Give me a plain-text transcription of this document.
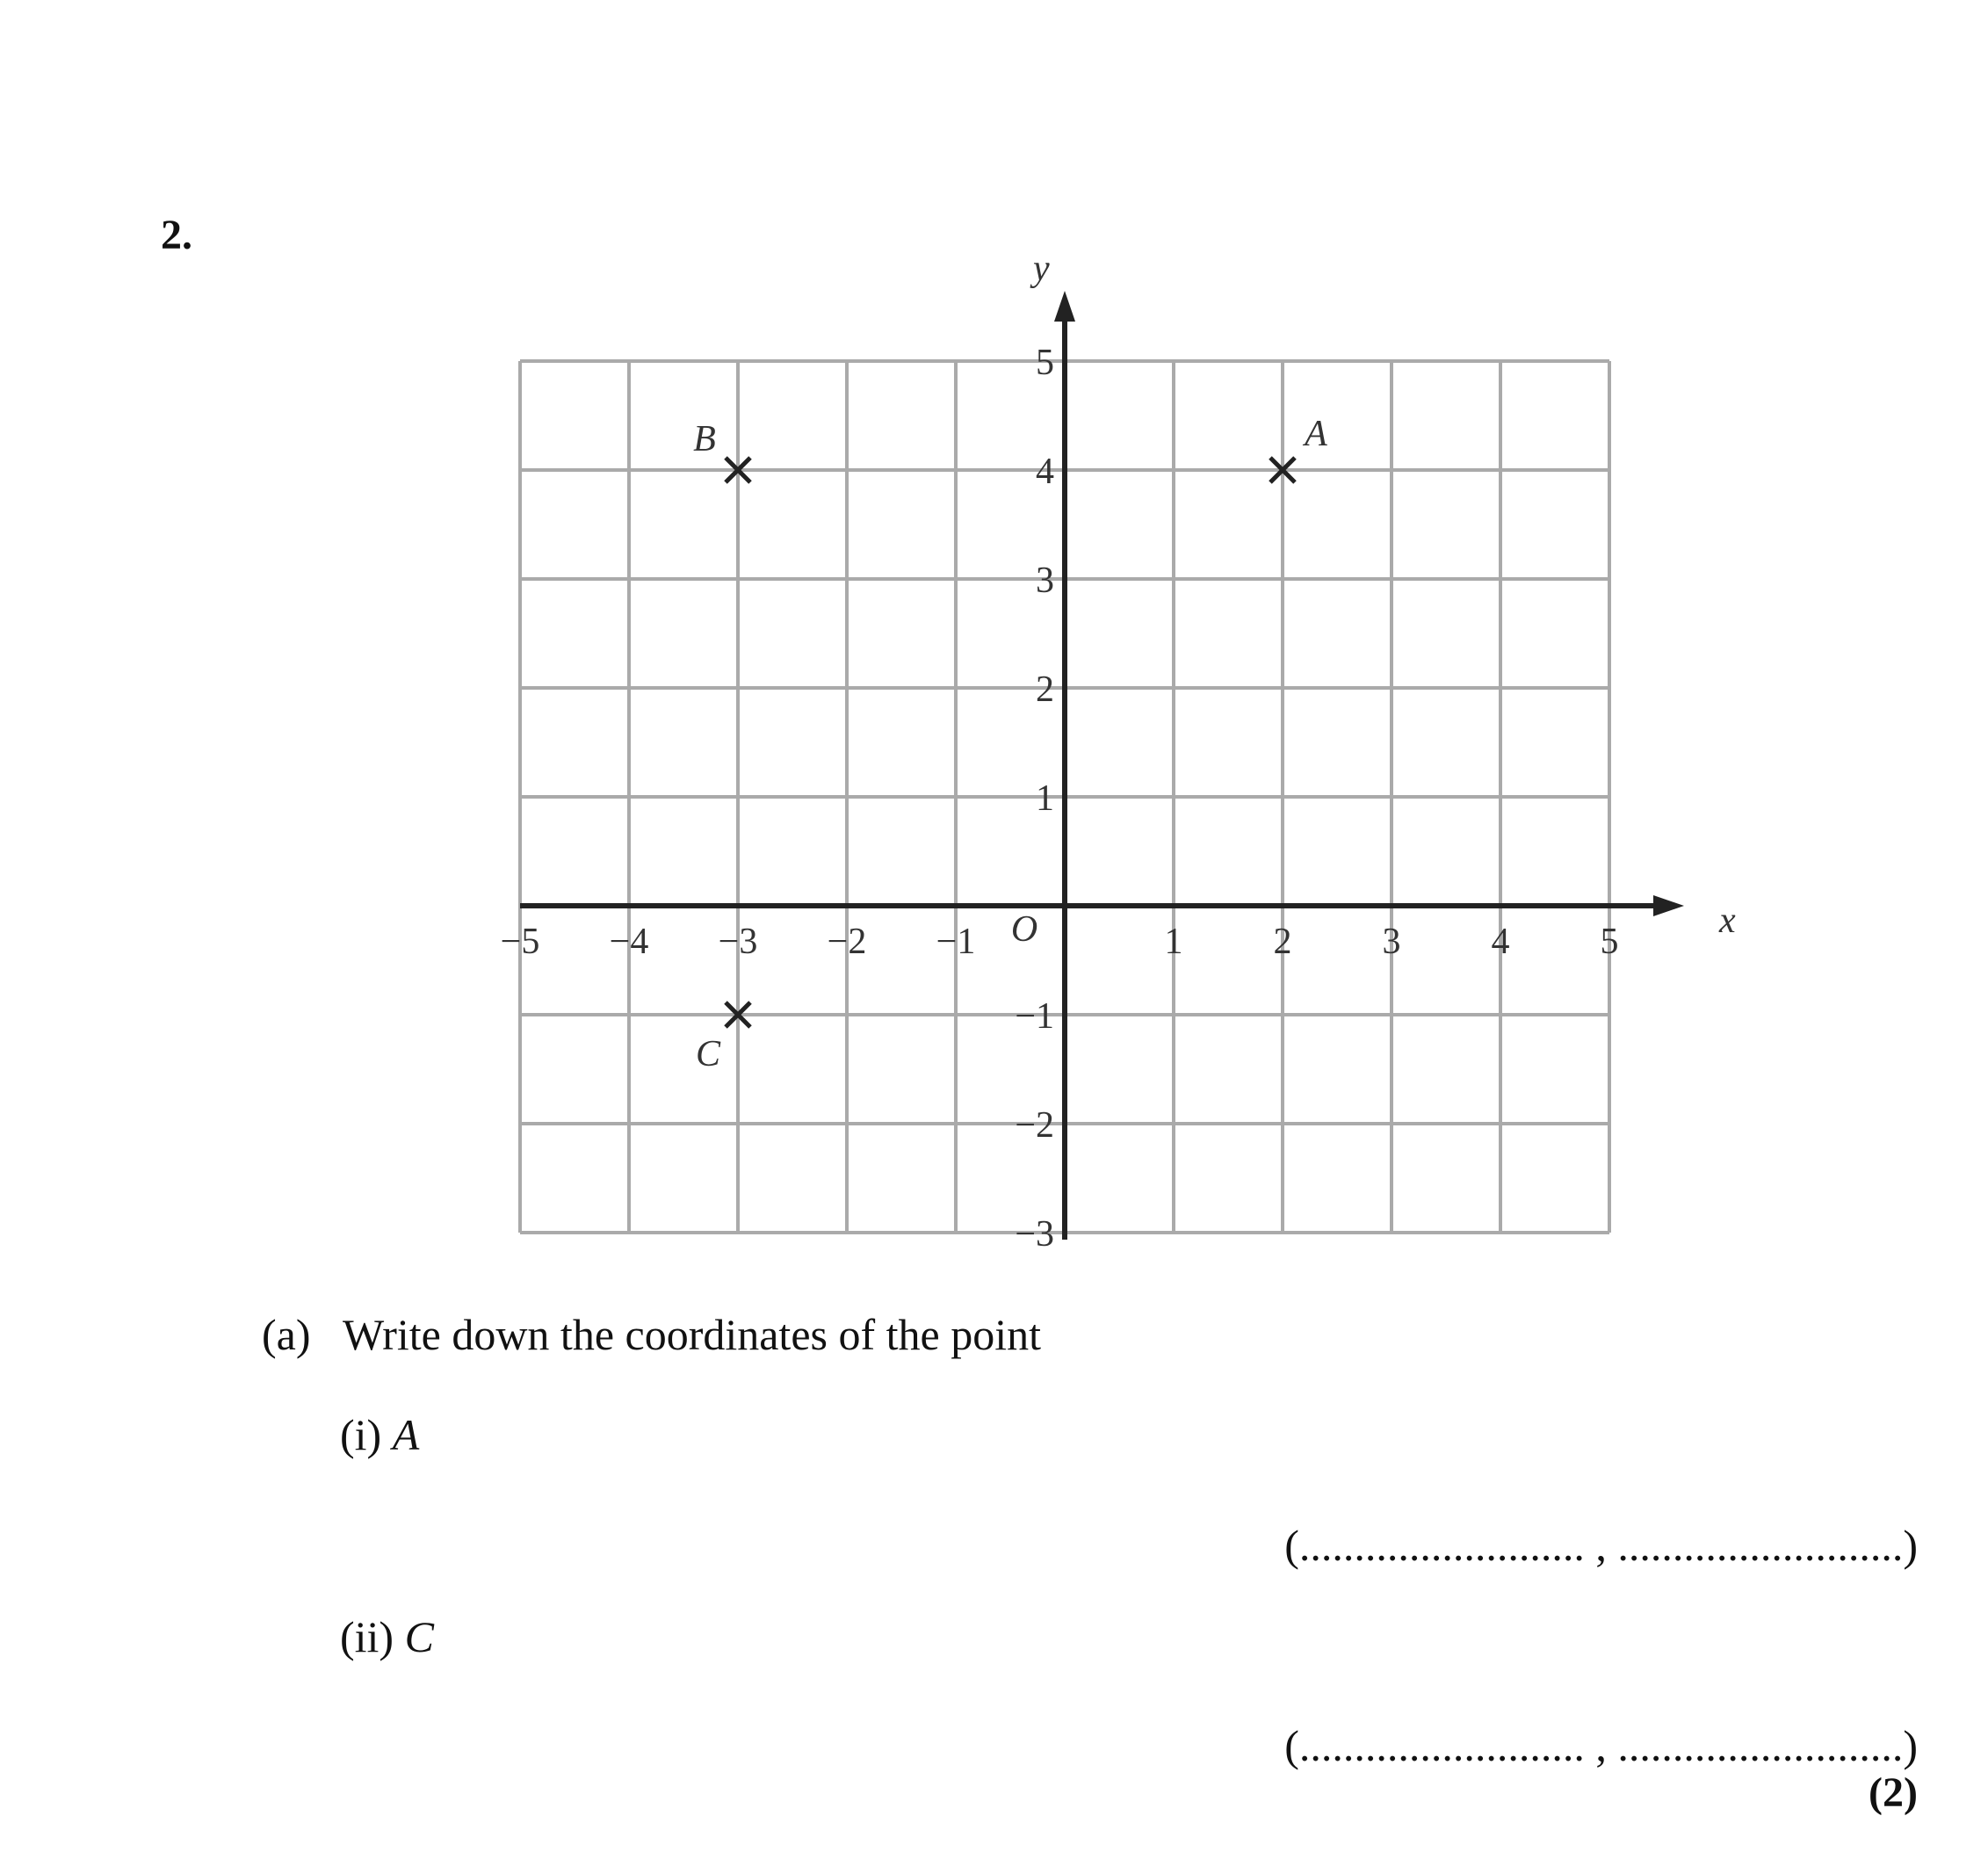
2.
x
y
O
−5 −4 −3 −2 −1	1 2 3 4 5
5
4
3
2
1
−1
−2
−3
A
B
C
(a) Write down the coordinates of the point
(i) A
(.......................... , ..........................)
(ii) C
(.......................... , ..........................)
(2)
